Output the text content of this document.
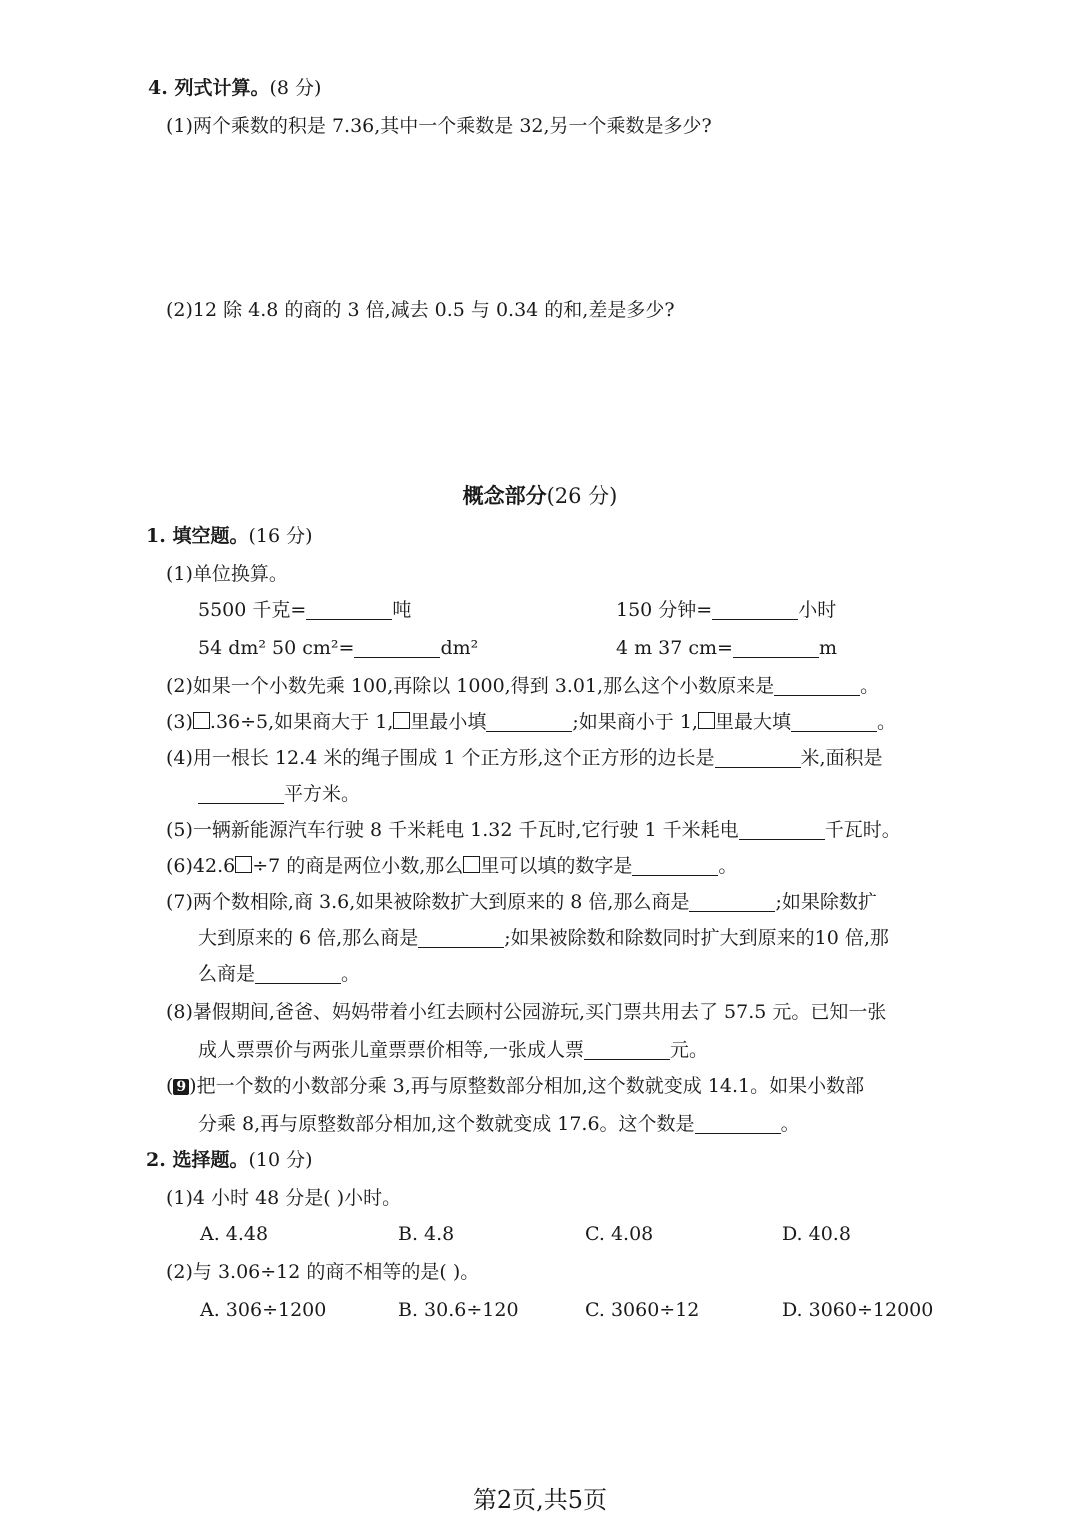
4. 列式计算。(8 分)
(1)两个乘数的积是 7.36,其中一个乘数是 32,另一个乘数是多少?
(2)12 除 4.8 的商的 3 倍,减去 0.5 与 0.34 的和,差是多少?
概念部分(26 分)
1. 填空题。(16 分)
(1)单位换算。
5500 千克=	吨	150 分钟=	小时
54 dm² 50 cm²=	dm²	4 m 37 cm=	m
(2)如果一个小数先乘 100,再除以 1000,得到 3.01,那么这个小数原来是	。
(3) .36÷5,如果商大于 1, 里最小填	;如果商小于 1, 里最大填	。
(4)用一根长 12.4 米的绳子围成 1 个正方形,这个正方形的边长是	米,面积是
平方米。
(5)一辆新能源汽车行驶 8 千米耗电 1.32 千瓦时,它行驶 1 千米耗电	千瓦时。
(6)42.6 ÷7 的商是两位小数,那么 里可以填的数字是	。
(7)两个数相除,商 3.6,如果被除数扩大到原来的 8 倍,那么商是	;如果除数扩
大到原来的 6 倍,那么商是	;如果被除数和除数同时扩大到原来的10 倍,那
么商是	。
(8)暑假期间,爸爸、妈妈带着小红去顾村公园游玩,买门票共用去了 57.5 元。已知一张
成人票票价与两张儿童票票价相等,一张成人票	元。
( 9 )把一个数的小数部分乘 3,再与原整数部分相加,这个数就变成 14.1。如果小数部
分乘 8,再与原整数部分相加,这个数就变成 17.6。这个数是	。
2. 选择题。(10 分)
(1)4 小时 48 分是( )小时。
A. 4.48	B. 4.8	C. 4.08	D. 40.8
(2)与 3.06÷12 的商不相等的是( )。
A. 306÷1200	B. 30.6÷120	C. 3060÷12	D. 3060÷12000
第2页,共5页
